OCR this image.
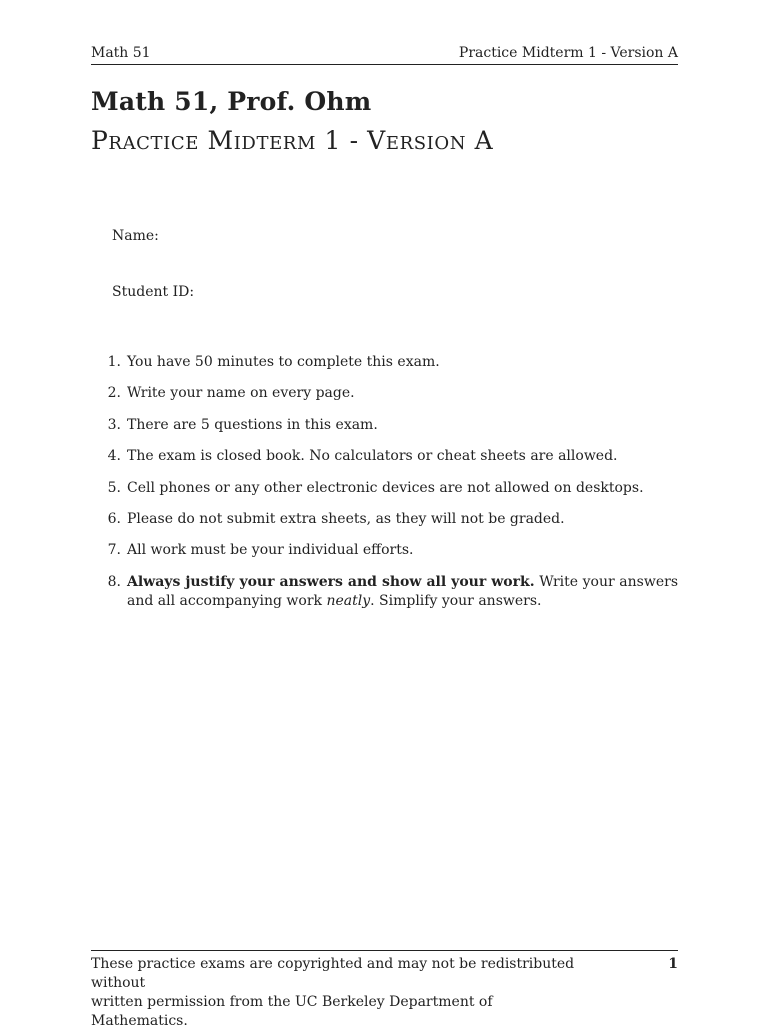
Math 51	Practice Midterm 1 - Version A
Math 51, Prof. Ohm
Practice Midterm 1 - Version A
Name:
Student ID:
1. You have 50 minutes to complete this exam.
2. Write your name on every page.
3. There are 5 questions in this exam.
4. The exam is closed book. No calculators or cheat sheets are allowed.
5. Cell phones or any other electronic devices are not allowed on desktops.
6. Please do not submit extra sheets, as they will not be graded.
7. All work must be your individual efforts.
8. Always justify your answers and show all your work. Write your answers and all accompanying work neatly. Simplify your answers.
These practice exams are copyrighted and may not be redistributed without
written permission from the UC Berkeley Department of Mathematics.
1
